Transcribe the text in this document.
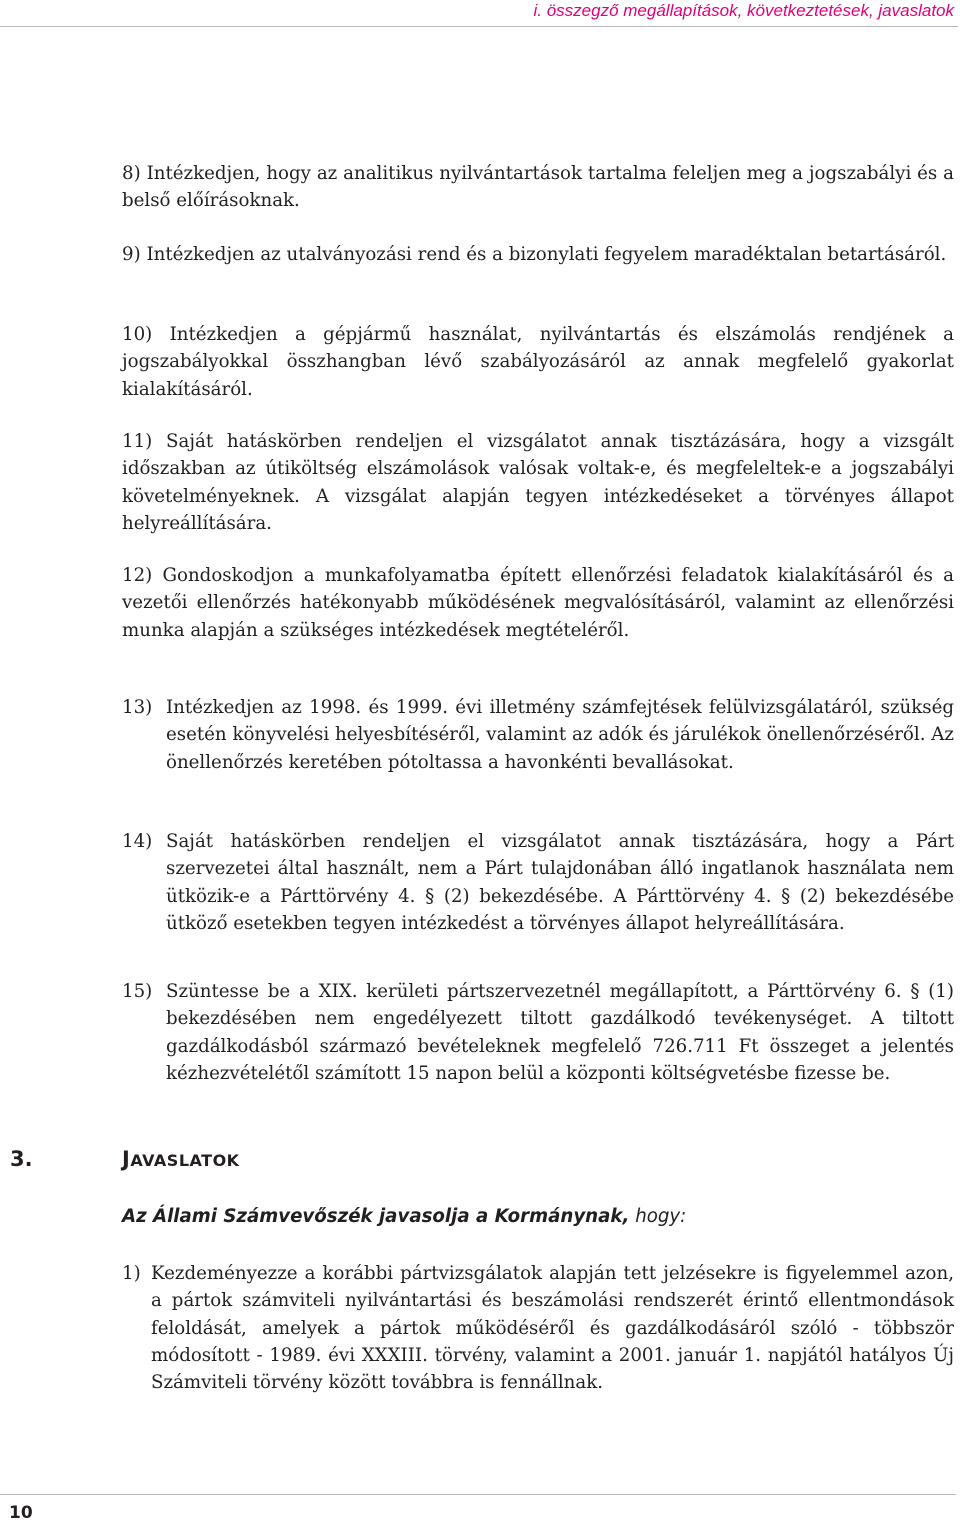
i. összegző megállapítások, következtetések, javaslatok
8) Intézkedjen, hogy az analitikus nyilvántartások tartalma feleljen meg a jogszabályi és a belső előírásoknak.
9) Intézkedjen az utalványozási rend és a bizonylati fegyelem maradéktalan betartásáról.
10) Intézkedjen a gépjármű használat, nyilvántartás és elszámolás rendjének a jogszabályokkal összhangban lévő szabályozásáról az annak megfelelő gyakorlat kialakításáról.
11) Saját hatáskörben rendeljen el vizsgálatot annak tisztázására, hogy a vizsgált időszakban az útiköltség elszámolások valósak voltak-e, és megfeleltek-e a jogszabályi követelményeknek. A vizsgálat alapján tegyen intézkedéseket a törvényes állapot helyreállítására.
12) Gondoskodjon a munkafolyamatba épített ellenőrzési feladatok kialakításáról és a vezetői ellenőrzés hatékonyabb működésének megvalósításáról, valamint az ellenőrzési munka alapján a szükséges intézkedések megtételéről.
13) Intézkedjen az 1998. és 1999. évi illetmény számfejtések felülvizsgálatáról, szükség esetén könyvelési helyesbítéséről, valamint az adók és járulékok önellenőrzéséről. Az önellenőrzés keretében pótoltassa a havonkénti bevallásokat.
14) Saját hatáskörben rendeljen el vizsgálatot annak tisztázására, hogy a Párt szervezetei által használt, nem a Párt tulajdonában álló ingatlanok használata nem ütközik-e a Párttörvény 4. § (2) bekezdésébe. A Párttörvény 4. § (2) bekezdésébe ütköző esetekben tegyen intézkedést a törvényes állapot helyreállítására.
15) Szüntesse be a XIX. kerületi pártszervezetnél megállapított, a Párttörvény 6. § (1) bekezdésében nem engedélyezett tiltott gazdálkodó tevékenységet. A tiltott gazdálkodásból származó bevételeknek megfelelő 726.711 Ft összeget a jelentés kézhezvételétől számított 15 napon belül a központi költségvetésbe fizesse be.
3.	JAVASLATOK
Az Állami Számvevőszék javasolja a Kormánynak, hogy:
1) Kezdeményezze a korábbi pártvizsgálatok alapján tett jelzésekre is figyelemmel azon, a pártok számviteli nyilvántartási és beszámolási rendszerét érintő ellentmondások feloldását, amelyek a pártok működéséről és gazdálkodásáról szóló - többször módosított - 1989. évi XXXIII. törvény, valamint a 2001. január 1. napjától hatályos Új Számviteli törvény között továbbra is fennállnak.
10
